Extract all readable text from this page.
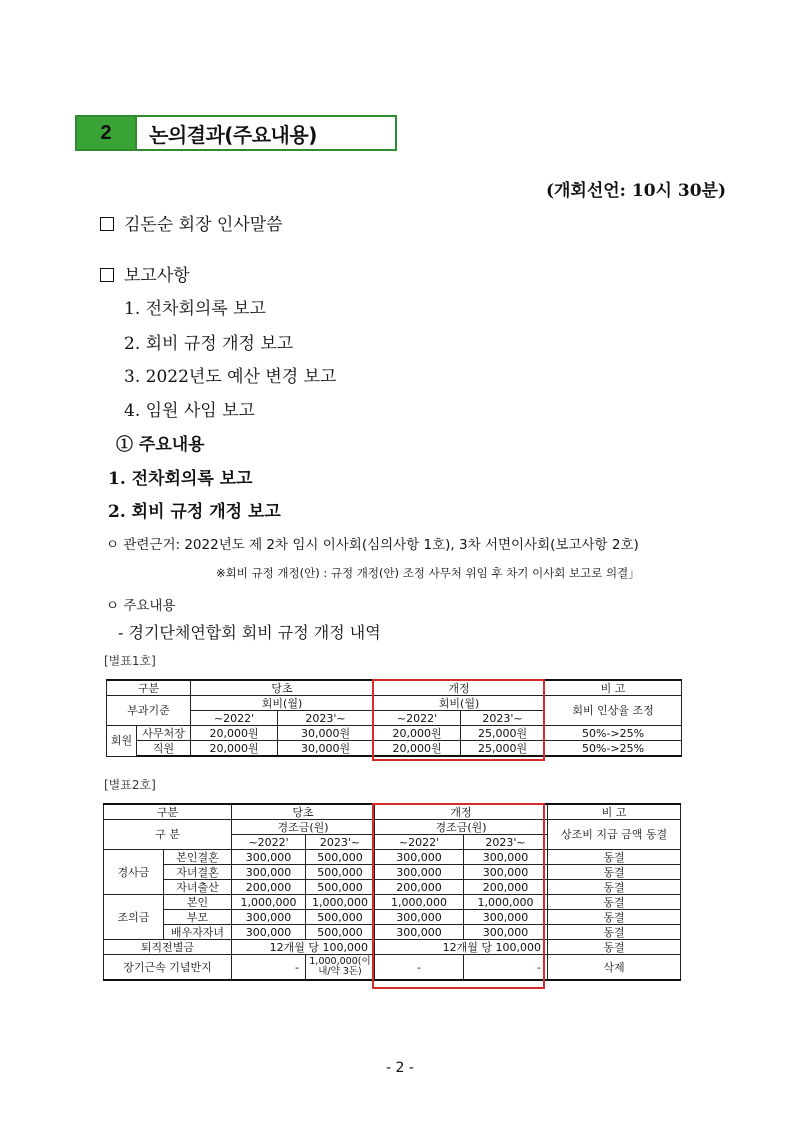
2	논의결과(주요내용)
(개회선언: 10시 30분)
김돈순 회장 인사말씀
보고사항
1. 전차회의록 보고
2. 회비 규정 개정 보고
3. 2022년도 예산 변경 보고
4. 임원 사임 보고
① 주요내용
1. 전차회의록 보고
2. 회비 규정 개정 보고
ㅇ 관련근거: 2022년도 제 2차 임시 이사회(심의사항 1호), 3차 서면이사회(보고사항 2호)
※회비 규정 개정(안) : 규정 개정(안) 조정 사무처 위임 후 차기 이사회 보고로 의결」
ㅇ 주요내용
- 경기단체연합회 회비 규정 개정 내역
[별표1호]
구분		당초		개정		비 고
부과기준		회비(월)		회비(월)		회비 인상율 조정
		~2022'	2023'~	~2022'	2023'~	
회원	사무처장	20,000원	30,000원	20,000원	25,000원	50%->25%
	직원	20,000원	30,000원	20,000원	25,000원	50%->25%
[별표2호]
구분		당초		개정		비 고
구 분		경조금(원)		경조금(원)		상조비 지급 금액 동결
		~2022'	2023'~	~2022'	2023'~	
경사금	본인결혼	300,000	500,000	300,000	300,000	동결
	자녀결혼	300,000	500,000	300,000	300,000	동결
	자녀출산	200,000	500,000	200,000	200,000	동결
조의금	본인	1,000,000	1,000,000	1,000,000	1,000,000	동결
	부모	300,000	500,000	300,000	300,000	동결
	배우자자녀	300,000	500,000	300,000	300,000	동결
퇴직전별금		12개월 당 100,000		12개월 당 100,000		동결
장기근속 기념반지		-	1,000,000(이내/약 3돈)	-	-	삭제
- 2 -
